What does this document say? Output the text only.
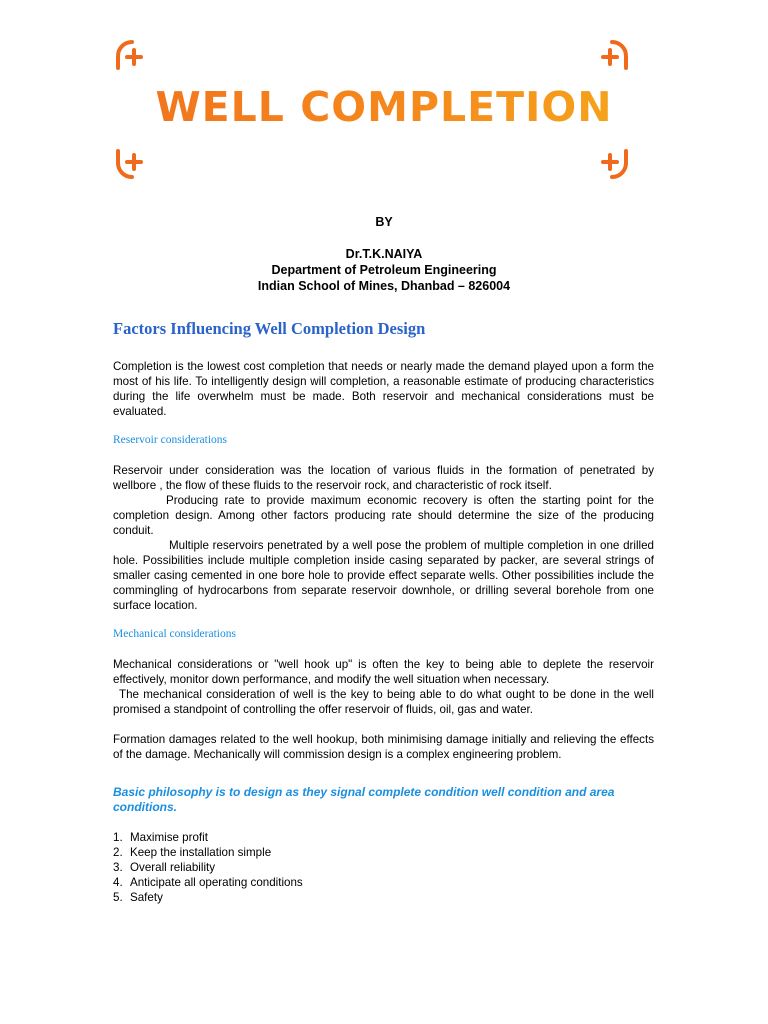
WELL COMPLETION
BY
Dr.T.K.NAIYA
Department of Petroleum Engineering
Indian School of Mines, Dhanbad – 826004
Factors Influencing Well Completion Design

Completion is the lowest cost completion that needs or nearly made the demand played upon a form the most of his life. To intelligently design will completion, a reasonable estimate of producing characteristics during the life overwhelm must be made. Both reservoir and mechanical considerations must be evaluated.

Reservoir considerations

Reservoir under consideration was the location of various fluids in the formation of penetrated by wellbore , the flow of these fluids to the reservoir rock, and characteristic of rock itself.

Producing rate to provide maximum economic recovery is often the starting point for the completion design. Among other factors producing rate should determine the size of the producing conduit.

Multiple reservoirs penetrated by a well pose the problem of multiple completion in one drilled hole. Possibilities include multiple completion inside casing separated by packer, are several strings of smaller casing cemented in one bore hole to provide effect separate wells. Other possibilities include the commingling of hydrocarbons from separate reservoir downhole, or drilling several borehole from one surface location.

Mechanical considerations

Mechanical considerations or "well hook up" is often the key to being able to deplete the reservoir effectively, monitor down performance, and modify the well situation when necessary.

The mechanical consideration of well is the key to being able to do what ought to be done in the well promised a standpoint of controlling the offer reservoir of fluids, oil, gas and water.

Formation damages related to the well hookup, both minimising damage initially and relieving the effects of the damage. Mechanically will commission design is a complex engineering problem.

Basic philosophy is to design as they signal complete condition well condition and area conditions.

1. Maximise profit
2. Keep the installation simple
3. Overall reliability
4. Anticipate all operating conditions
5. Safety
